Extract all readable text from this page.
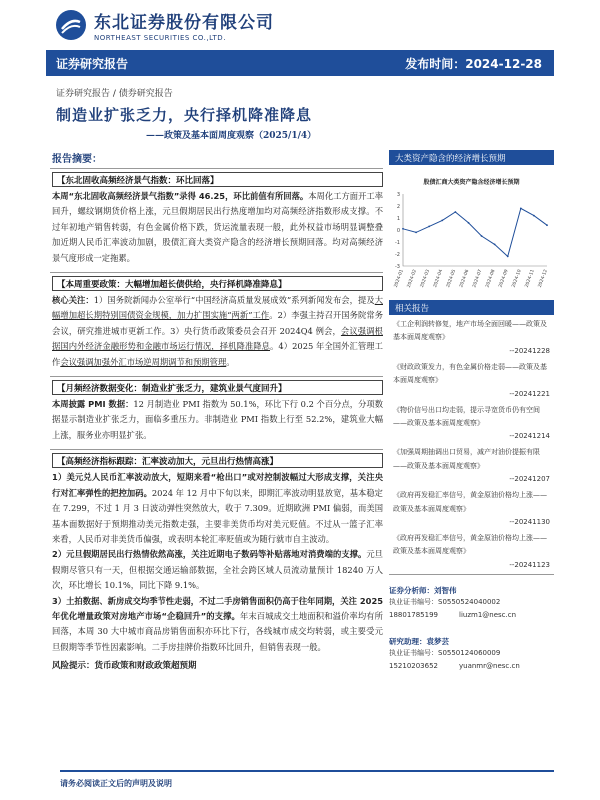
东北证券股份有限公司
NORTHEAST SECURITIES CO.,LTD.
证券研究报告	发布时间：2024-12-28
证券研究报告 / 债券研究报告
制造业扩张乏力，央行择机降准降息
——政策及基本面周度观察（2025/1/4）
报告摘要：
【东北固收高频经济景气指数：环比回落】
本周“东北固收高频经济景气指数”录得 46.25，环比前值有所回落。本周化工方面开工率回升，螺纹钢期货价格上涨，元旦假期居民出行热度增加均对高频经济指数形成支撑。不过年初地产销售转弱，有色金属价格下跌，货运流量表现一般，此外权益市场明显调整叠加近期人民币汇率波动加剧，股债汇商大类资产隐含的经济增长预期回落。均对高频经济景气度形成一定拖累。
【本周重要政策：大幅增加超长债供给，央行择机降准降息】
核心关注：1）国务院新闻办公室举行“中国经济高质量发展成效”系列新闻发布会，提及大幅增加超长期特别国债资金规模，加力扩围实施“两新”工作。2）李强主持召开国务院常务会议，研究推进城市更新工作。3）央行货币政策委员会召开 2024Q4 例会，会议强调根据国内外经济金融形势和金融市场运行情况，择机降准降息。4）2025 年全国外汇管理工作会议强调加强外汇市场逆周期调节和预期管理。
【月频经济数据变化：制造业扩张乏力，建筑业景气度回升】
本周披露 PMI 数据：12 月制造业 PMI 指数为 50.1%，环比下行 0.2 个百分点，分项数据显示制造业扩张乏力，面临多重压力。非制造业 PMI 指数上行至 52.2%，建筑业大幅上涨，服务业亦明显扩张。
【高频经济指标跟踪：汇率波动加大，元旦出行热情高涨】
1）美元兑人民币汇率波动放大，短期来看“枪出口”或对控制波幅过大形成支撑，关注央行对汇率弹性的把控加码。2024 年 12 月中下旬以来，即期汇率波动明显放宽，基本稳定在 7.299，不过 1 月 3 日波动弹性突然放大，收于 7.309。近期欧洲 PMI 偏弱，而美国基本面数据好于预期推动美元指数走强，主要非美货币均对美元贬值。不过从一篮子汇率来看，人民币对非美货币偏强，或表明本轮汇率贬值或为随行就市自主波动。
2）元旦假期居民出行热情依然高涨，关注近期电子数码等补贴落地对消费端的支撑。元旦假期尽管只有一天，但根据交通运输部数据，全社会跨区域人员流动量预计 18240 万人次，环比增长 10.1%，同比下降 9.1%。
3）土拍数据、新房成交均季节性走弱，不过二手房销售面积仍高于往年同期，关注 2025 年优化增量政策对房地产市场“企稳回升”的支撑。年末百城成交土地面积和溢价率均有所回落，本周 30 大中城市商品房销售面积亦环比下行，各线城市成交均转弱，或主要受元旦假期等季节性因素影响。二手房挂牌价指数环比回升，但销售表现一般。
风险提示：货币政策和财政政策超预期
大类资产隐含的经济增长预期
股债汇商大类资产隐含经济增长预期
-3
-2
-1
0
1
2
3
2024-01 2024-02 2024-03 2024-04 2024-05 2024-06 2024-07 2024-08 2024-09 2024-10 2024-11 2024-12
相关报告
《工企利润转修复，地产市场全面回暖——政策及基本面周度观察》
--20241228
《财政政策发力，有色金属价格走弱——政策及基本面周度观察》
--20241221
《物价信号出口均走弱，提示寻宽货币仍有空间——政策及基本面周度观察》
--20241214
《加强周期抽调出口贸易，减产对油价提振有限——政策及基本面周度观察》
--20241207
《政府再发稳汇率信号，黄金原油价格均上涨——政策及基本面周度观察》
--20241130
《政府再发稳汇率信号，黄金原油价格均上涨——政策及基本面周度观察》
--20241123
证券分析师：刘智伟
执业证书编号：S0550524040002
18801785199	liuzm1@nesc.cn
研究助理：袁梦芸
执业证书编号：S0550124060009
15210203652	yuanmr@nesc.cn
请务必阅读正文后的声明及说明
